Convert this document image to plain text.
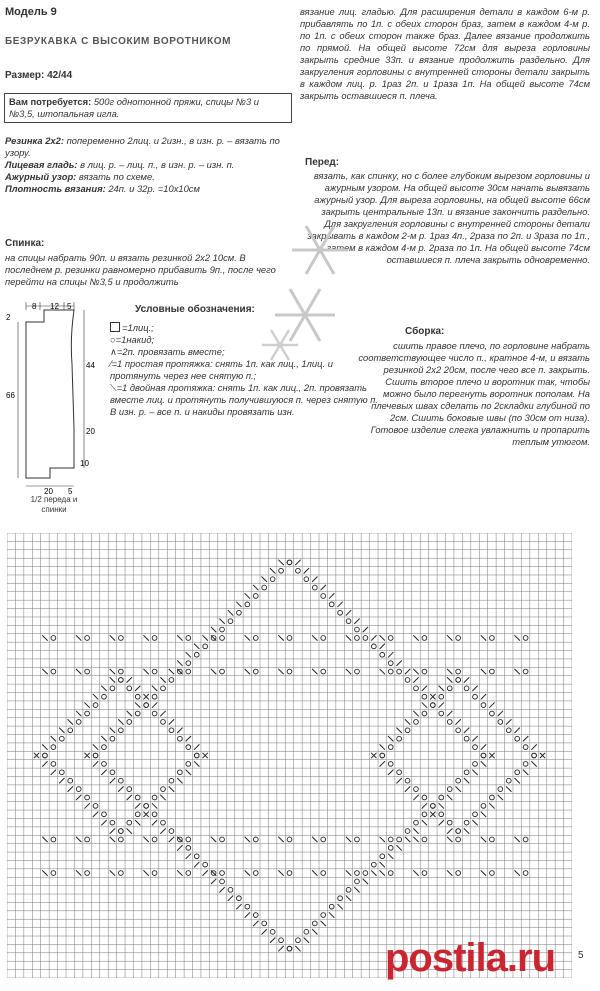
Модель 9
БЕЗРУКАВКА С ВЫСОКИМ ВОРОТНИКОМ
Размер: 42/44

Вам потребуется: 500г однотонной пряжи, спицы №3 и №3,5, штопальная игла.

Резинка 2х2: попеременно 2лиц. и 2изн., в изн. р. – вязать по узору.

Лицевая гладь: в лиц. р. – лиц. п., в изн. р. – изн. п.

Ажурный узор: вязать по схеме.

Плотность вязания: 24п. и 32р. =10х10см

Спинка:

на спицы набрать 90п. и вязать резинкой 2х2 10см. В последнем р. резинки равномерно прибавить 9п., после чего перейти на спицы №3,5 и продолжить

вязание лиц. гладью. Для расширения детали в каждом 6-м р. прибавлять по 1п. с обеих сторон браз, затем в каждом 4-м р. по 1п. с обеих сторон также браз. Далее вязание продолжить по прямой. На общей высоте 72см для выреза горловины закрыть средние 33п. и вязание продолжить раздельно. Для закругления горловины с внутренней стороны детали закрыть в каждом лиц. р. 1раз 2п. и 1раза 1п. На общей высоте 74см закрыть оставшиеся п. плеча.

Перед:

вязать, как спинку, но с более глубоким вырезом горловины и ажурным узором. На общей высоте 30см начать вывязать ажурный узор. Для выреза горловины, на общей высоте 66см закрыть центральные 13п. и вязание закончить раздельно. Для закругления горловины с внутренней стороны детали закрывать в каждом 2-м р. 1раз 4п., 2раза по 2п. и 3раза по 1п., затем в каждом 4-м р. 2раза по 1п. На общей высоте 74см оставшиеся п. плеча закрыть одновременно.

Сборка:

сшить правое плечо, по горловине набрать соответствующее число п., кратное 4-м, и вязать резинкой 2х2 20см, после чего все п. закрыть. Сшить второе плечо и воротник так, чтобы можно было перегнуть воротник пополам. На плечевых швах сделать по 2складки глубиной по 2см. Сшить боковые швы (по 30см от низа). Готовое изделие слегка увлажнить и пропарить теплым утюгом.

Условные обозначения:

=1лиц.;

○=1накид;

∧=2п. провязать вместе;

⁄=1 простая протяжка: снять 1п. как лиц., 1лиц. и протянуть через нее снятую п.;

⟍=1 двойная протяжка: снять 1п. как лиц., 2п. провязать вместе лиц. и протянуть получившуюся п. через снятую п.

В изн. р. – все п. и накиды провязать изн.

8 12 5
2
66
44
20
10
20 5
1/2 переда и спинки
postila.ru 5
